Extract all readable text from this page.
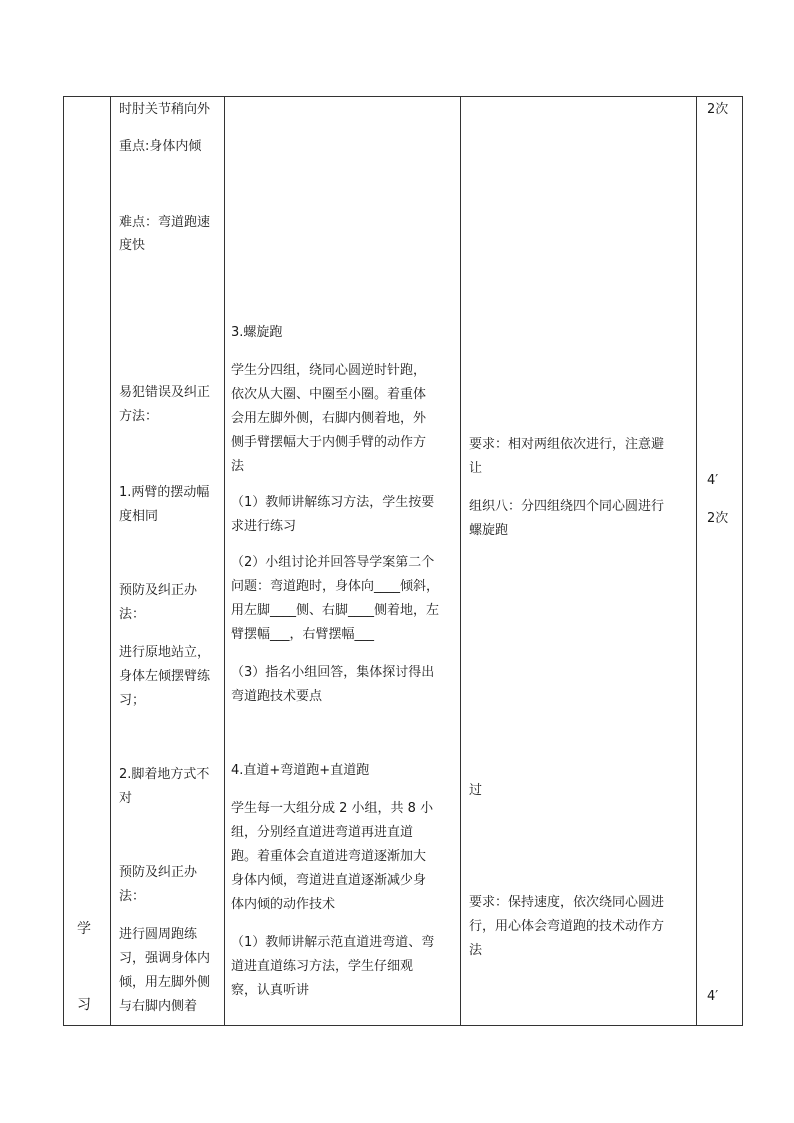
学
习
时肘关节稍向外
重点:身体内倾
难点：弯道跑速
度快
易犯错误及纠正
方法：
1.两臂的摆动幅
度相同
预防及纠正办
法：
进行原地站立，
身体左倾摆臂练
习；
2.脚着地方式不
对
预防及纠正办
法：
进行圆周跑练
习，强调身体内
倾，用左脚外侧
与右脚内侧着
3.螺旋跑
学生分四组，绕同心圆逆时针跑，
依次从大圈、中圈至小圈。着重体
会用左脚外侧，右脚内侧着地，外
侧手臂摆幅大于内侧手臂的动作方
法
（1）教师讲解练习方法，学生按要
求进行练习
（2）小组讨论并回答导学案第二个
问题：弯道跑时，身体向____倾斜，
用左脚____侧、右脚____侧着地，左
臂摆幅___，右臂摆幅___
（3）指名小组回答，集体探讨得出
弯道跑技术要点
4.直道+弯道跑+直道跑
学生每一大组分成 2 小组，共 8 小
组，分别经直道进弯道再进直道
跑。着重体会直道进弯道逐渐加大
身体内倾，弯道进直道逐渐减少身
体内倾的动作技术
（1）教师讲解示范直道进弯道、弯
道进直道练习方法，学生仔细观
察，认真听讲
要求：相对两组依次进行，注意避
让
组织八：分四组绕四个同心圆进行
螺旋跑
过
要求：保持速度，依次绕同心圆进
行，用心体会弯道跑的技术动作方
法
2次
4′
2次
4′
